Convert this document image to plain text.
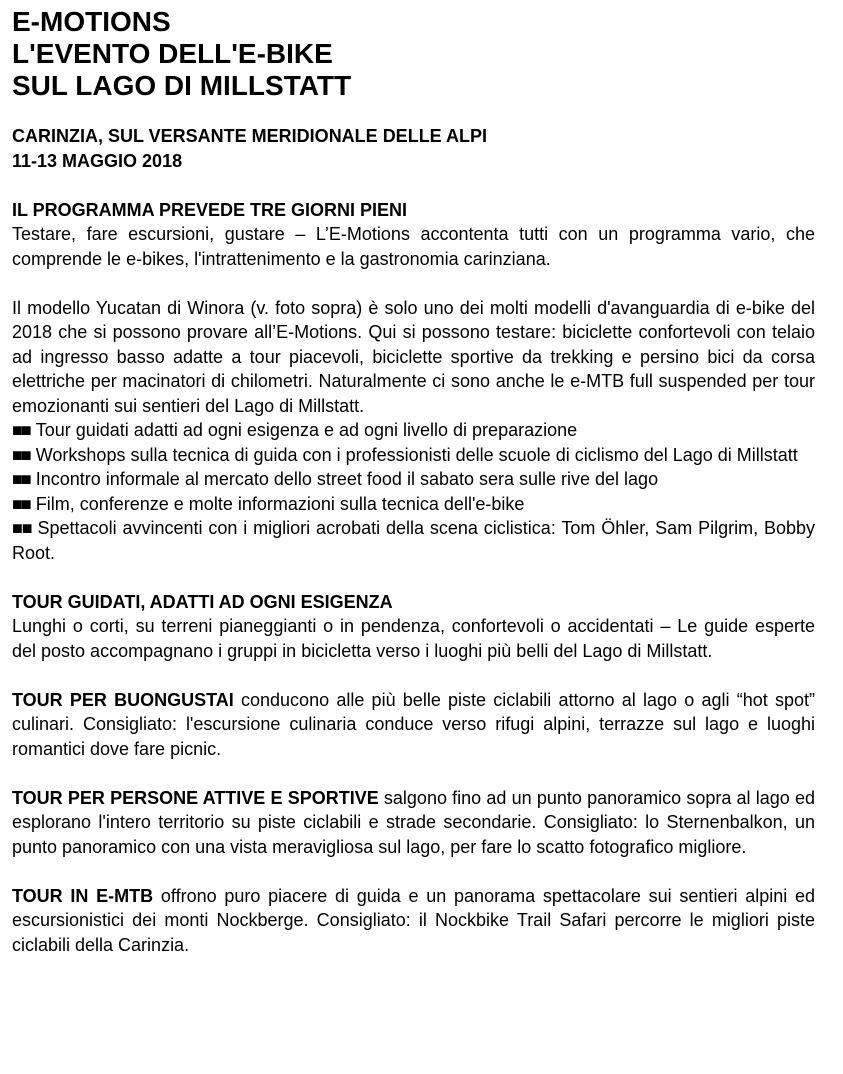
E-MOTIONS
L'EVENTO DELL'E-BIKE
SUL LAGO DI MILLSTATT
CARINZIA, SUL VERSANTE MERIDIONALE DELLE ALPI
11-13 MAGGIO 2018
IL PROGRAMMA PREVEDE TRE GIORNI PIENI

Testare, fare escursioni, gustare – L’E-Motions accontenta tutti con un programma vario, che comprende le e-bikes, l'intrattenimento e la gastronomia carinziana.

Il modello Yucatan di Winora (v. foto sopra) è solo uno dei molti modelli d'avanguardia di e-bike del 2018 che si possono provare all’E-Motions. Qui si possono testare: biciclette confortevoli con telaio ad ingresso basso adatte a tour piacevoli, biciclette sportive da trekking e persino bici da corsa elettriche per macinatori di chilometri. Naturalmente ci sono anche le e-MTB full suspended per tour emozionanti sui sentieri del Lago di Millstatt.

■■ Tour guidati adatti ad ogni esigenza e ad ogni livello di preparazione
■■ Workshops sulla tecnica di guida con i professionisti delle scuole di ciclismo del Lago di Millstatt
■■ Incontro informale al mercato dello street food il sabato sera sulle rive del lago
■■ Film, conferenze e molte informazioni sulla tecnica dell'e-bike
■■ Spettacoli avvincenti con i migliori acrobati della scena ciclistica: Tom Öhler, Sam Pilgrim, Bobby Root.
TOUR GUIDATI, ADATTI AD OGNI ESIGENZA

Lunghi o corti, su terreni pianeggianti o in pendenza, confortevoli o accidentati – Le guide esperte del posto accompagnano i gruppi in bicicletta verso i luoghi più belli del Lago di Millstatt.

TOUR PER BUONGUSTAI conducono alle più belle piste ciclabili attorno al lago o agli “hot spot” culinari. Consigliato: l'escursione culinaria conduce verso rifugi alpini, terrazze sul lago e luoghi romantici dove fare picnic.

TOUR PER PERSONE ATTIVE E SPORTIVE salgono fino ad un punto panoramico sopra al lago ed esplorano l'intero territorio su piste ciclabili e strade secondarie. Consigliato: lo Sternenbalkon, un punto panoramico con una vista meravigliosa sul lago, per fare lo scatto fotografico migliore.

TOUR IN E-MTB offrono puro piacere di guida e un panorama spettacolare sui sentieri alpini ed escursionistici dei monti Nockberge. Consigliato: il Nockbike Trail Safari percorre le migliori piste ciclabili della Carinzia.
